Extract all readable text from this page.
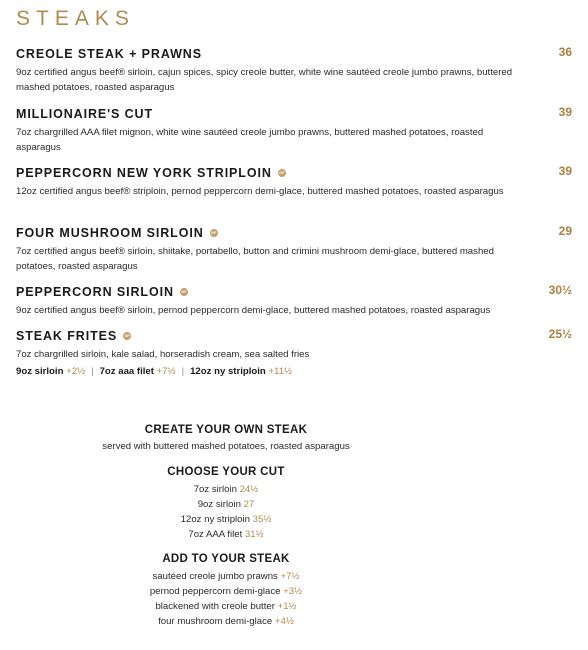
STEAKS
CREOLE STEAK + PRAWNS	36
9oz certified angus beef® sirloin, cajun spices, spicy creole butter, white wine sautéed creole jumbo prawns, buttered mashed potatoes, roasted asparagus
MILLIONAIRE'S CUT	39
7oz chargrilled AAA filet mignon, white wine sautéed creole jumbo prawns, buttered mashed potatoes, roasted asparagus
PEPPERCORN NEW YORK STRIPLOIN	GF	39
12oz certified angus beef® striploin, pernod peppercorn demi-glace, buttered mashed potatoes, roasted asparagus
FOUR MUSHROOM SIRLOIN	GF	29
7oz certified angus beef® sirloin, shiitake, portabello, button and crimini mushroom demi-glace, buttered mashed potatoes, roasted asparagus
PEPPERCORN SIRLOIN	GF	30½
9oz certified angus beef® sirloin, pernod peppercorn demi-glace, buttered mashed potatoes, roasted asparagus
STEAK FRITES	GF	25½
7oz chargrilled sirloin, kale salad, horseradish cream, sea salted fries
9oz sirloin +2½ | 7oz aaa filet +7½ | 12oz ny striploin +11½
CREATE YOUR OWN STEAK
served with buttered mashed potatoes, roasted asparagus
CHOOSE YOUR CUT
7oz sirloin 24½
9oz sirloin 27
12oz ny striploin 35½
7oz AAA filet 31½
ADD TO YOUR STEAK
sautéed creole jumbo prawns +7½
pernod peppercorn demi-glace +3½
blackened with creole butter +1½
four mushroom demi-glace +4½
